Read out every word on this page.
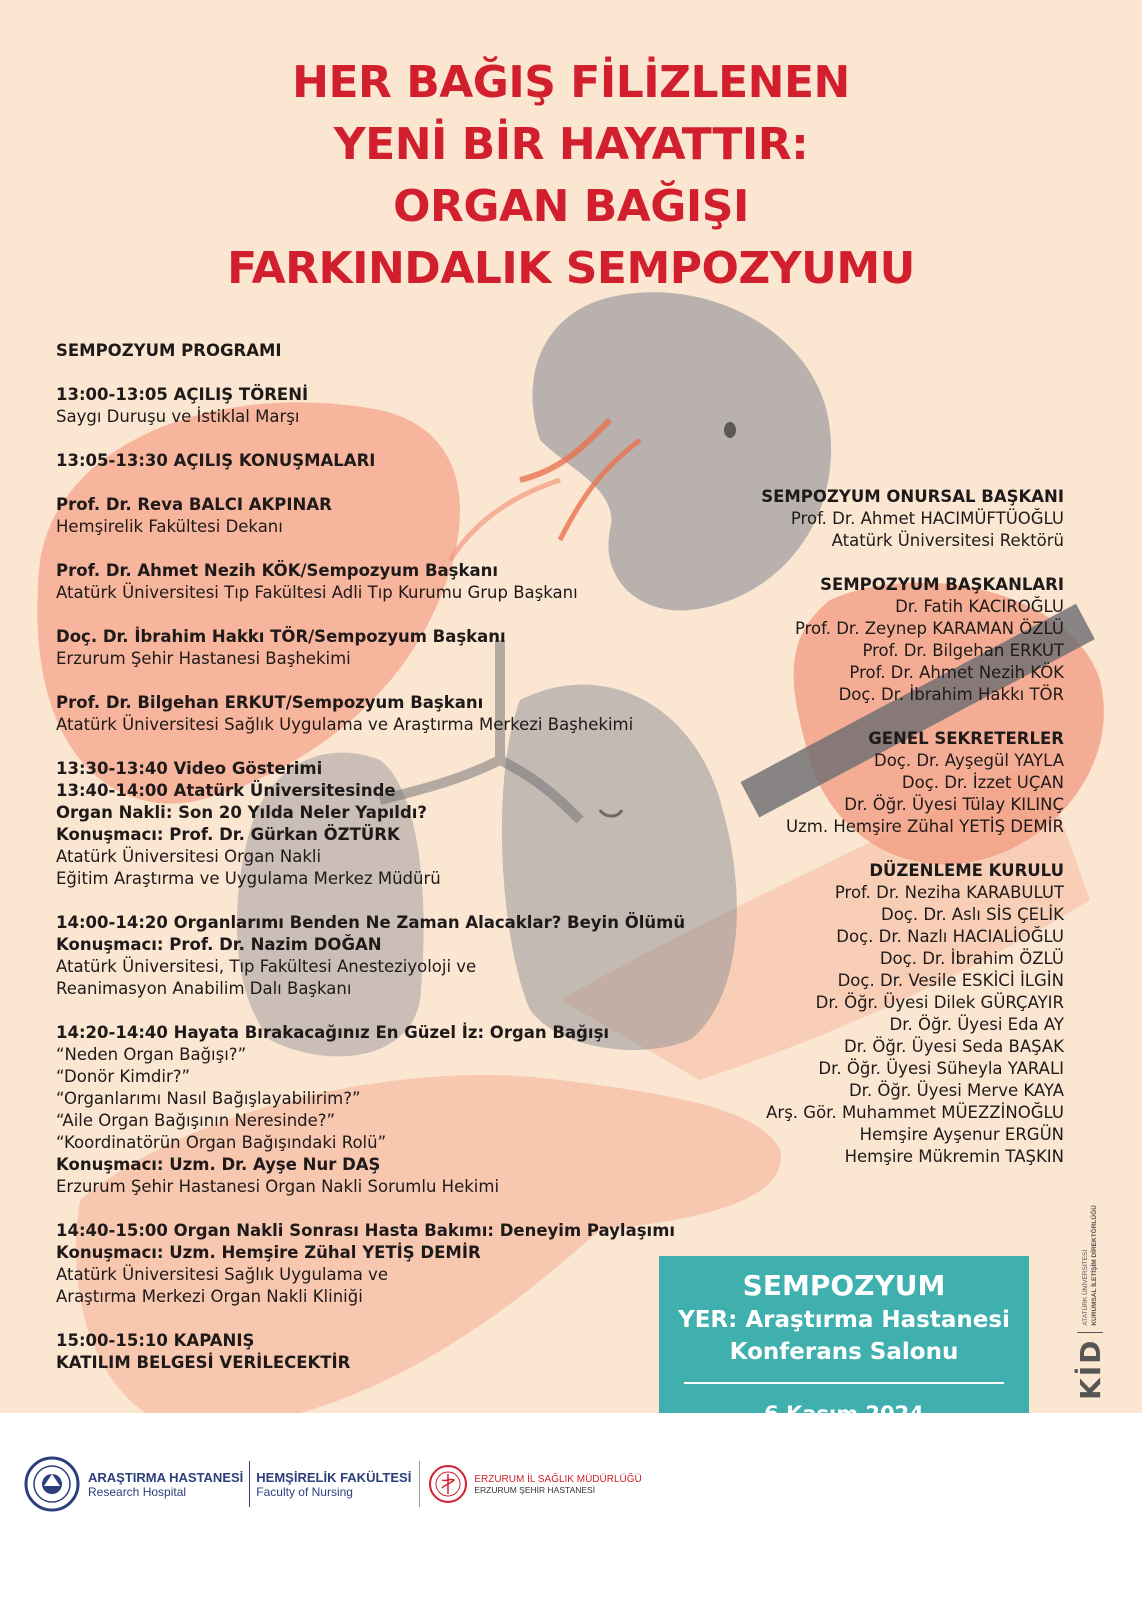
HER BAĞIŞ FİLİZLENEN
YENİ BİR HAYATTIR:
ORGAN BAĞIŞI
FARKINDALIK SEMPOZYUMU
SEMPOZYUM PROGRAMI
13:00-13:05 AÇILIŞ TÖRENİ
Saygı Duruşu ve İstiklal Marşı
13:05-13:30 AÇILIŞ KONUŞMALARI
Prof. Dr. Reva BALCI AKPINAR
Hemşirelik Fakültesi Dekanı
Prof. Dr. Ahmet Nezih KÖK/Sempozyum Başkanı
Atatürk Üniversitesi Tıp Fakültesi Adli Tıp Kurumu Grup Başkanı
Doç. Dr. İbrahim Hakkı TÖR/Sempozyum Başkanı
Erzurum Şehir Hastanesi Başhekimi
Prof. Dr. Bilgehan ERKUT/Sempozyum Başkanı
Atatürk Üniversitesi Sağlık Uygulama ve Araştırma Merkezi Başhekimi
13:30-13:40 Video Gösterimi
13:40-14:00 Atatürk Üniversitesinde
Organ Nakli: Son 20 Yılda Neler Yapıldı?
Konuşmacı: Prof. Dr. Gürkan ÖZTÜRK
Atatürk Üniversitesi Organ Nakli
Eğitim Araştırma ve Uygulama Merkez Müdürü
14:00-14:20 Organlarımı Benden Ne Zaman Alacaklar? Beyin Ölümü
Konuşmacı: Prof. Dr. Nazim DOĞAN
Atatürk Üniversitesi, Tıp Fakültesi Anesteziyoloji ve
Reanimasyon Anabilim Dalı Başkanı
14:20-14:40 Hayata Bırakacağınız En Güzel İz: Organ Bağışı
“Neden Organ Bağışı?”
“Donör Kimdir?”
“Organlarımı Nasıl Bağışlayabilirim?”
“Aile Organ Bağışının Neresinde?”
“Koordinatörün Organ Bağışındaki Rolü”
Konuşmacı: Uzm. Dr. Ayşe Nur DAŞ
Erzurum Şehir Hastanesi Organ Nakli Sorumlu Hekimi
14:40-15:00 Organ Nakli Sonrası Hasta Bakımı: Deneyim Paylaşımı
Konuşmacı: Uzm. Hemşire Zühal YETİŞ DEMİR
Atatürk Üniversitesi Sağlık Uygulama ve
Araştırma Merkezi Organ Nakli Kliniği
15:00-15:10 KAPANIŞ
KATILIM BELGESİ VERİLECEKTİR
SEMPOZYUM ONURSAL BAŞKANI
Prof. Dr. Ahmet HACIMÜFTÜOĞLU
Atatürk Üniversitesi Rektörü
SEMPOZYUM BAŞKANLARI
Dr. Fatih KACIROĞLU
Prof. Dr. Zeynep KARAMAN ÖZLÜ
Prof. Dr. Bilgehan ERKUT
Prof. Dr. Ahmet Nezih KÖK
Doç. Dr. İbrahim Hakkı TÖR
GENEL SEKRETERLER
Doç. Dr. Ayşegül YAYLA
Doç. Dr. İzzet UÇAN
Dr. Öğr. Üyesi Tülay KILINÇ
Uzm. Hemşire Zühal YETİŞ DEMİR
DÜZENLEME KURULU
Prof. Dr. Neziha KARABULUT
Doç. Dr. Aslı SİS ÇELİK
Doç. Dr. Nazlı HACIALİOĞLU
Doç. Dr. İbrahim ÖZLÜ
Doç. Dr. Vesile ESKİCİ İLGİN
Dr. Öğr. Üyesi Dilek GÜRÇAYIR
Dr. Öğr. Üyesi Eda AY
Dr. Öğr. Üyesi Seda BAŞAK
Dr. Öğr. Üyesi Süheyla YARALI
Dr. Öğr. Üyesi Merve KAYA
Arş. Gör. Muhammet MÜEZZİNOĞLU
Hemşire Ayşenur ERGÜN
Hemşire Mükremin TAŞKIN
SEMPOZYUM
YER: Araştırma Hastanesi
Konferans Salonu	KİD
ATATÜRK ÜNİVERSİTESİ KURUMSAL İLETİŞİM DİREKTÖRLÜĞÜ
ARAŞTIRMA HASTANESİ
Research Hospital
HEMŞİRELİK FAKÜLTESİ
Faculty of Nursing
ERZURUM İL SAĞLIK MÜDÜRLÜĞÜ
ERZURUM ŞEHİR HASTANESİ
